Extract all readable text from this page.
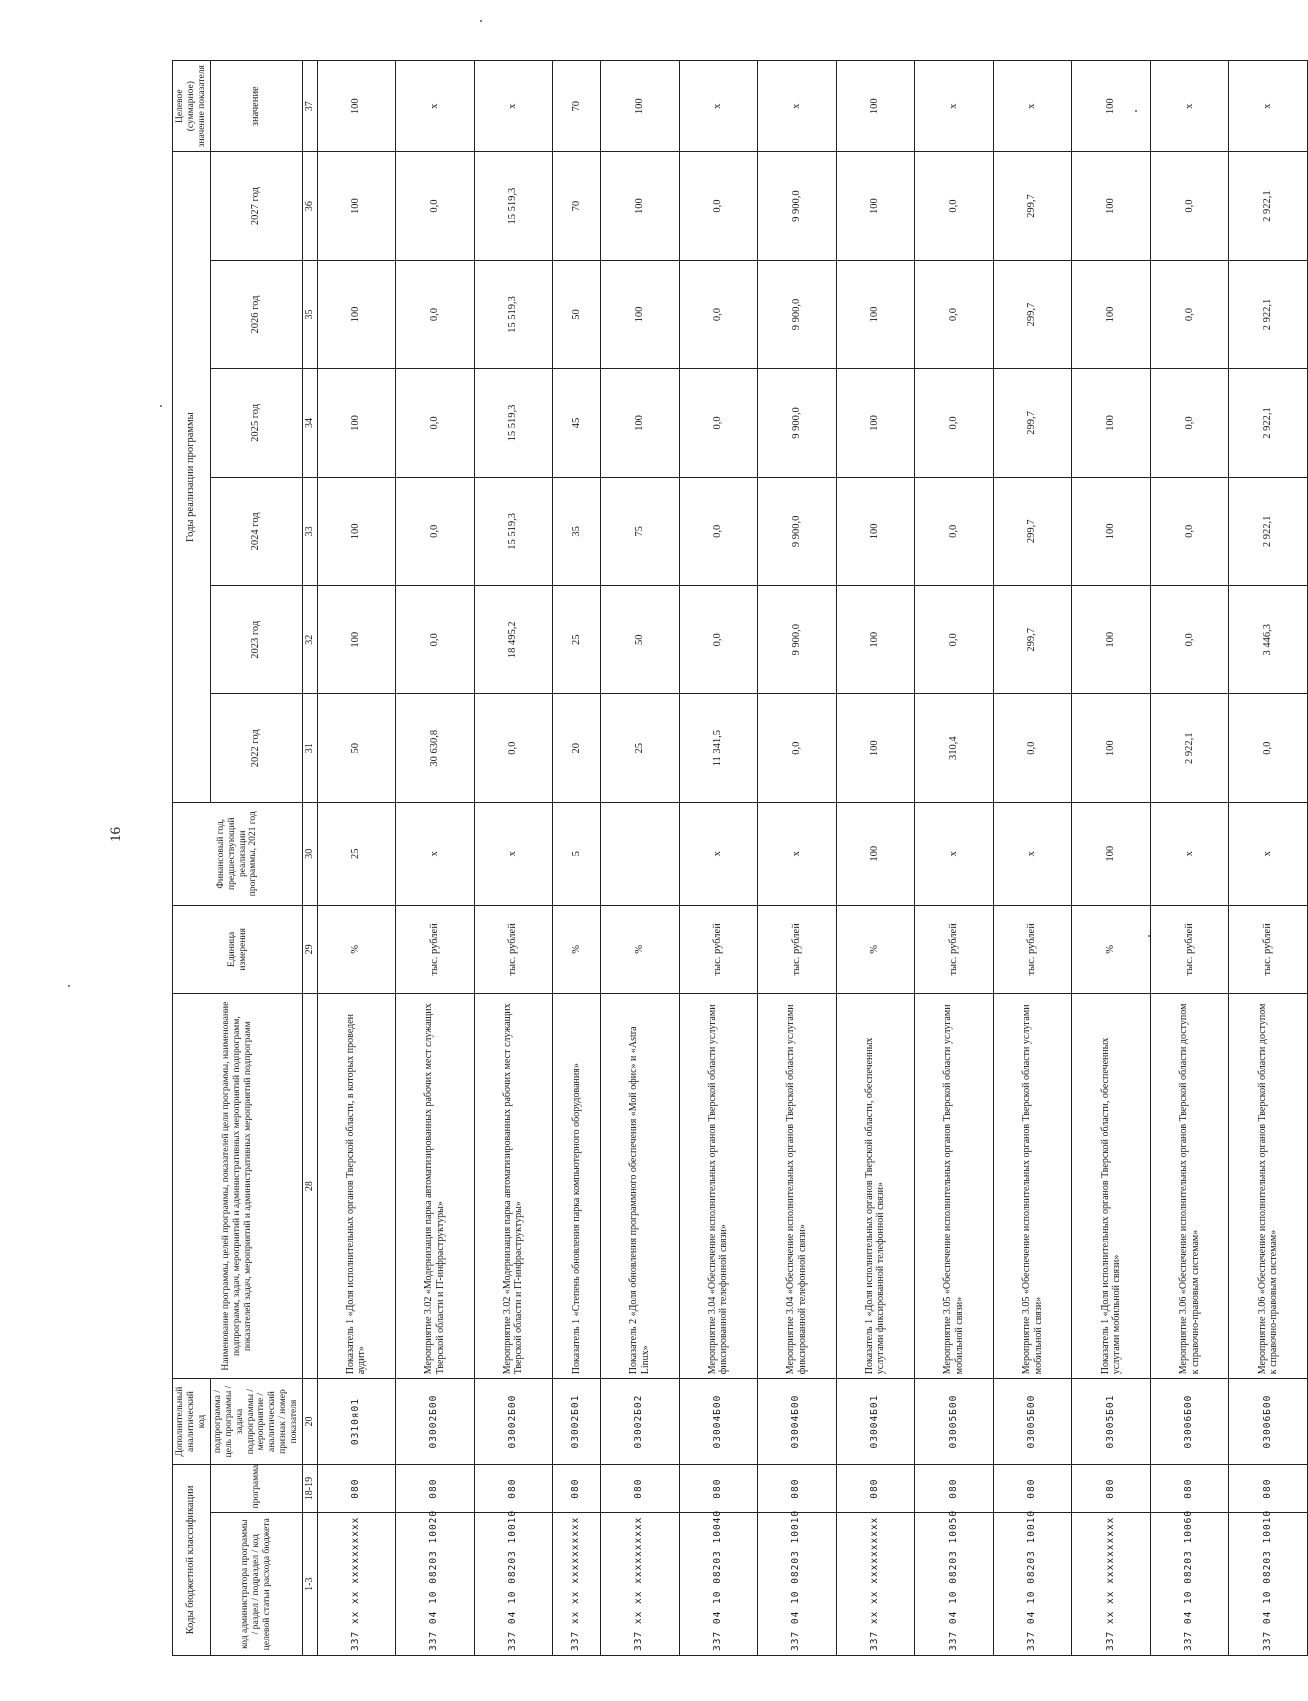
16
Коды бюджетной классификации		Дополнительный аналитический код	Наименование программы, целей программы, показателей цели программы, наименование подпрограмм, задач, мероприятий и административных мероприятий подпрограмм, показателей задач, мероприятий и административных мероприятий подпрограмм	Единица измерения	Финансовый год, предшествующий реализации программы, 2021 год	Годы реализации программы						Целевое (суммарное) значение показателя
код администратора программы / раздел / подраздел / код целевой статьи расхода бюджета	программа	подпрограмма / цель программы / задача подпрограммы / мероприятие / аналитический признак / номер показателя				2022 год	2023 год	2024 год	2025 год	2026 год	2027 год	значение
1-3	18-19	20	28	29	30	31	32	33	34	35	36	37
337 xx xx xxxxxxxxxx	080	0310я01	Показатель 1 «Доля исполнительных органов Тверской области, в которых проведен аудит»	%	25	50	100	100	100	100	100	100
337 04 10 08203 10020	080	03002Б00	Мероприятие 3.02 «Модернизация парка автоматизированных рабочих мест служащих Тверской области и IT-инфраструктуры»	тыс. рублей	х	30 630,8	0,0	0,0	0,0	0,0	0,0	х
337 04 10 08203 10010	080	03002Б00	Мероприятие 3.02 «Модернизация парка автоматизированных рабочих мест служащих Тверской области и IT-инфраструктуры»	тыс. рублей	х	0,0	18 495,2	15 519,3	15 519,3	15 519,3	15 519,3	х
337 xx xx xxxxxxxxxx	080	03002Б01	Показатель 1 «Степень обновления парка компьютерного оборудования»	%	5	20	25	35	45	50	70	70
337 xx xx xxxxxxxxxx	080	03002Б02	Показатель 2 «Доля обновления программного обеспечения «Мой офис» и «Astra Linux»	%		25	50	75	100	100	100	100
337 04 10 08203 10040	080	03004Б00	Мероприятие 3.04 «Обеспечение исполнительных органов Тверской области услугами фиксированной телефонной связи»	тыс. рублей	х	11 341,5	0,0	0,0	0,0	0,0	0,0	х
337 04 10 08203 10010	080	03004Б00	Мероприятие 3.04 «Обеспечение исполнительных органов Тверской области услугами фиксированной телефонной связи»	тыс. рублей	х	0,0	9 900,0	9 900,0	9 900,0	9 900,0	9 900,0	х
337 xx xx xxxxxxxxxx	080	03004Б01	Показатель 1 «Доля исполнительных органов Тверской области, обеспеченных услугами фиксированной телефонной связи»	%	100	100	100	100	100	100	100	100
337 04 10 08203 10050	080	03005Б00	Мероприятие 3.05 «Обеспечение исполнительных органов Тверской области услугами мобильной связи»	тыс. рублей	х	310,4	0,0	0,0	0,0	0,0	0,0	х
337 04 10 08203 10010	080	03005Б00	Мероприятие 3.05 «Обеспечение исполнительных органов Тверской области услугами мобильной связи»	тыс. рублей	х	0,0	299,7	299,7	299,7	299,7	299,7	х
337 xx xx xxxxxxxxxx	080	03005Б01	Показатель 1 «Доля исполнительных органов Тверской области, обеспеченных услугами мобильной связи»	%	100	100	100	100	100	100	100	100
337 04 10 08203 10060	080	03006Б00	Мероприятие 3.06 «Обеспечение исполнительных органов Тверской области доступом к справочно-правовым системам»	тыс. рублей	х	2 922,1	0,0	0,0	0,0	0,0	0,0	х
337 04 10 08203 10010	080	03006Б00	Мероприятие 3.06 «Обеспечение исполнительных органов Тверской области доступом к справочно-правовым системам»	тыс. рублей	х	0,0	3 446,3	2 922,1	2 922,1	2 922,1	2 922,1	х
